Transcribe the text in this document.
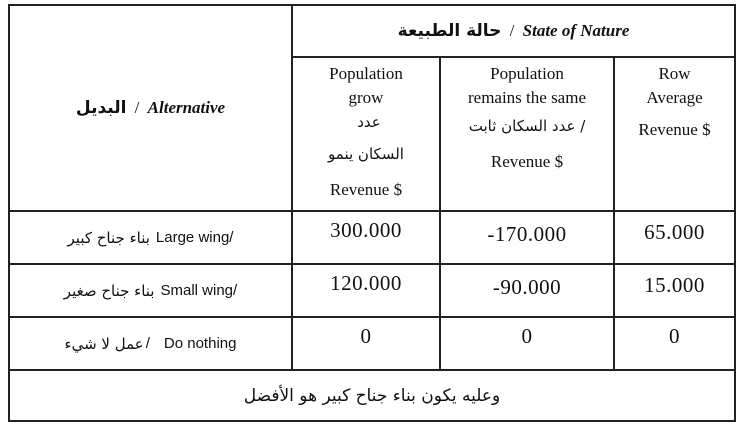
البديل / Alternative
حالة الطبيعة / State of Nature
Population
grow
عدد
السكان ينمو
Revenue $
Population
remains the same
عدد السكان ثابت /
Revenue $
Row
Average
Revenue $
بناء جناح كبير Large wing/	300.000	-170.000	65.000
بناء جناح صغير Small wing/	120.000	-90.000	15.000
عمل لا شيء / Do nothing	0	0	0
وعليه يكون بناء جناح كبير هو الأفضل
